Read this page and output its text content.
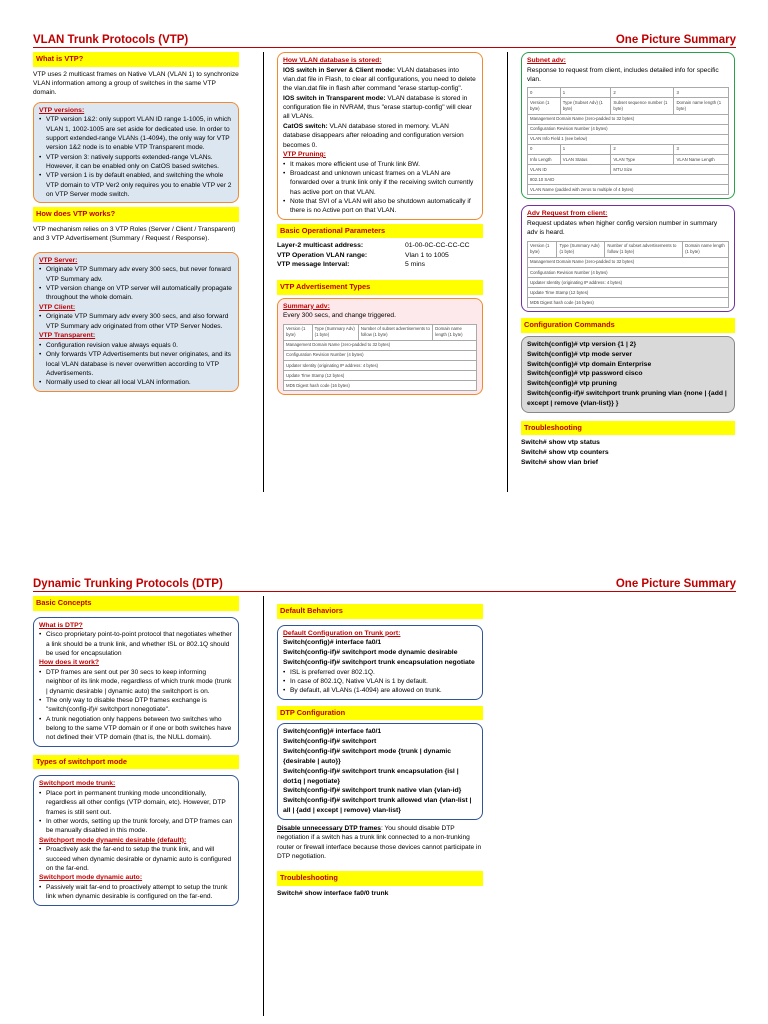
VLAN Trunk Protocols (VTP)	One Picture Summary
What is VTP?

VTP uses 2 multicast frames on Native VLAN (VLAN 1) to synchronize VLAN information among a group of switches in the same VTP domain.

VTP versions:
• VTP version 1&2: only support VLAN ID range 1-1005, in which VLAN 1, 1002-1005 are set aside for dedicated use. In order to support extended-range VLANs (1-4094), the only way for VTP version 1&2 node is to enable VTP Transparent mode.
• VTP version 3: natively supports extended-range VLANs. However, it can be enabled only on CatOS based switches.
• VTP version 1 is by default enabled, and switching the whole VTP domain to VTP Ver2 only requires you to enable VTP ver 2 on VTP Server mode switch.
How does VTP works?

VTP mechanism relies on 3 VTP Roles (Server / Client / Transparent) and 3 VTP Advertisement (Summary / Request / Response).

VTP Server:
• Originate VTP Summary adv every 300 secs, but never forward VTP Summary adv.
• VTP version change on VTP server will automatically propagate throughout the whole domain.
VTP Client:
• Originate VTP Summary adv every 300 secs, and also forward VTP Summary adv originated from other VTP Server Nodes.
VTP Transparent:
• Configuration revision value always equals 0.
• Only forwards VTP Advertisements but never originates, and its local VLAN database is never overwritten according to VTP Advertisements.
• Normally used to clear all local VLAN information.
How VLAN database is stored:

IOS switch in Server & Client mode: VLAN databases into vlan.dat file in Flash, to clear all configurations, you need to delete the vlan.dat file in flash after command "erase startup-config".

IOS switch in Transparent mode: VLAN database is stored in configuration file in NVRAM, thus "erase startup-config" will clear all VLANs.

CatOS switch: VLAN database stored in memory. VLAN database disappears after reloading and configuration version becomes 0.

VTP Pruning:
• It makes more efficient use of Trunk link BW.
• Broadcast and unknown unicast frames on a VLAN are forwarded over a trunk link only if the receiving switch currently has active port on that VLAN.
• Note that SVI of a VLAN will also be shutdown automatically if there is no Active port on that VLAN.
Basic Operational Parameters
Layer-2 multicast address:	01-00-0C-CC-CC-CC
VTP Operation VLAN range:	Vlan 1 to 1005
VTP message Interval:	5 mins
VTP Advertisement Types
Summary adv:

Every 300 secs, and change triggered.

Version (1 byte)	Type (Summary Adv) (1 byte)	Number of subset advertisements to follow (1 byte)	Domain name length (1 byte)
Management Domain Name (zero-padded to 32 bytes)
Configuration Revision Number (4 bytes)
Updater Identity (originating IP address: 4 bytes)
Update Time Stamp (12 bytes)
MD5 Digest hash code (16 bytes)
Subnet adv:

Response to request from client, includes detailed info for specific vlan.

0	1	2	3
Version (1 byte)	Type (Subset Adv) (1 byte)	Subset sequence number (1 byte)	Domain name length (1 byte)
Management Domain Name (zero-padded to 32 bytes)			
Configuration Revision Number (4 bytes)			
VLAN Info Field 1 (see below)			
0	1	2	3
Info Length	VLAN Status	VLAN Type	VLAN Name Length
VLAN ID		MTU Size	
802.10 SAID			
VLAN Name (padded with zeros to multiple of 4 bytes)			
Adv Request from client:

Request updates when higher config version number in summary adv is heard.

Version (1 byte)	Type (Summary Adv) (1 byte)	Number of subset advertisements to follow (1 byte)	Domain name length (1 byte)
Management Domain Name (zero-padded to 32 bytes)
Configuration Revision Number (4 bytes)
Updater Identity (originating IP address: 4 bytes)
Update Time Stamp (12 bytes)
MD5 Digest hash code (16 bytes)
Configuration Commands
Switch(config)# vtp version {1 | 2}
Switch(config)# vtp mode server
Switch(config)# vtp domain Enterprise
Switch(config)# vtp password cisco
Switch(config)# vtp pruning
Switch(config-if)# switchport trunk pruning vlan {none | {add | except | remove {vlan-list}} }
Troubleshooting
Switch# show vtp status
Switch# show vtp counters
Switch# show vlan brief
Dynamic Trunking Protocols (DTP)	One Picture Summary
Basic Concepts
What is DTP?
• Cisco proprietary point-to-point protocol that negotiates whether a link should be a trunk link, and whether ISL or 802.1Q should be used for encapsulation
How does it work?
• DTP frames are sent out per 30 secs to keep informing neighbor of its link mode, regardless of which trunk mode (trunk | dynamic desirable | dynamic auto) the switchport is on.
• The only way to disable these DTP frames exchange is "switch(config-if)# switchport nonegotiate".
• A trunk negotiation only happens between two switches who belong to the same VTP domain or if one or both switches have not defined their VTP domain (that is, the NULL domain).
Types of switchport mode
Switchport mode trunk:
• Place port in permanent trunking mode unconditionally, regardless all other configs (VTP domain, etc). However, DTP frames is still sent out.
• In other words, setting up the trunk forcely, and DTP frames can be manually disabled in this mode.
Switchport mode dynamic desirable (default):
• Proactively ask the far-end to setup the trunk link, and will succeed when dynamic desirable or dynamic auto is configured on the far-end.
Switchport mode dynamic auto:
• Passively wait far-end to proactively attempt to setup the trunk link when dynamic desirable is configured on the far-end.
Default Behaviors
Default Configuration on Trunk port:
Switch(config)# interface fa0/1
Switch(config-if)# switchport mode dynamic desirable
Switch(config-if)# switchport trunk encapsulation negotiate
• ISL is preferred over 802.1Q.
• In case of 802.1Q, Native VLAN is 1 by default.
• By default, all VLANs (1-4094) are allowed on trunk.
DTP Configuration
Switch(config)# interface fa0/1
Switch(config-if)# switchport
Switch(config-if)# switchport mode {trunk | dynamic {desirable | auto}}
Switch(config-if)# switchport trunk encapsulation {isl | dot1q | negotiate}
Switch(config-if)# switchport trunk native vlan {vlan-id}
Switch(config-if)# switchport trunk allowed vlan {vlan-list | all | {add | except | remove} vlan-list}

Disable unnecessary DTP frames: You should disable DTP negotiation if a switch has a trunk link connected to a non-trunking router or firewall interface because those devices cannot participate in DTP negotiation.

Troubleshooting
Switch# show interface fa0/0 trunk
